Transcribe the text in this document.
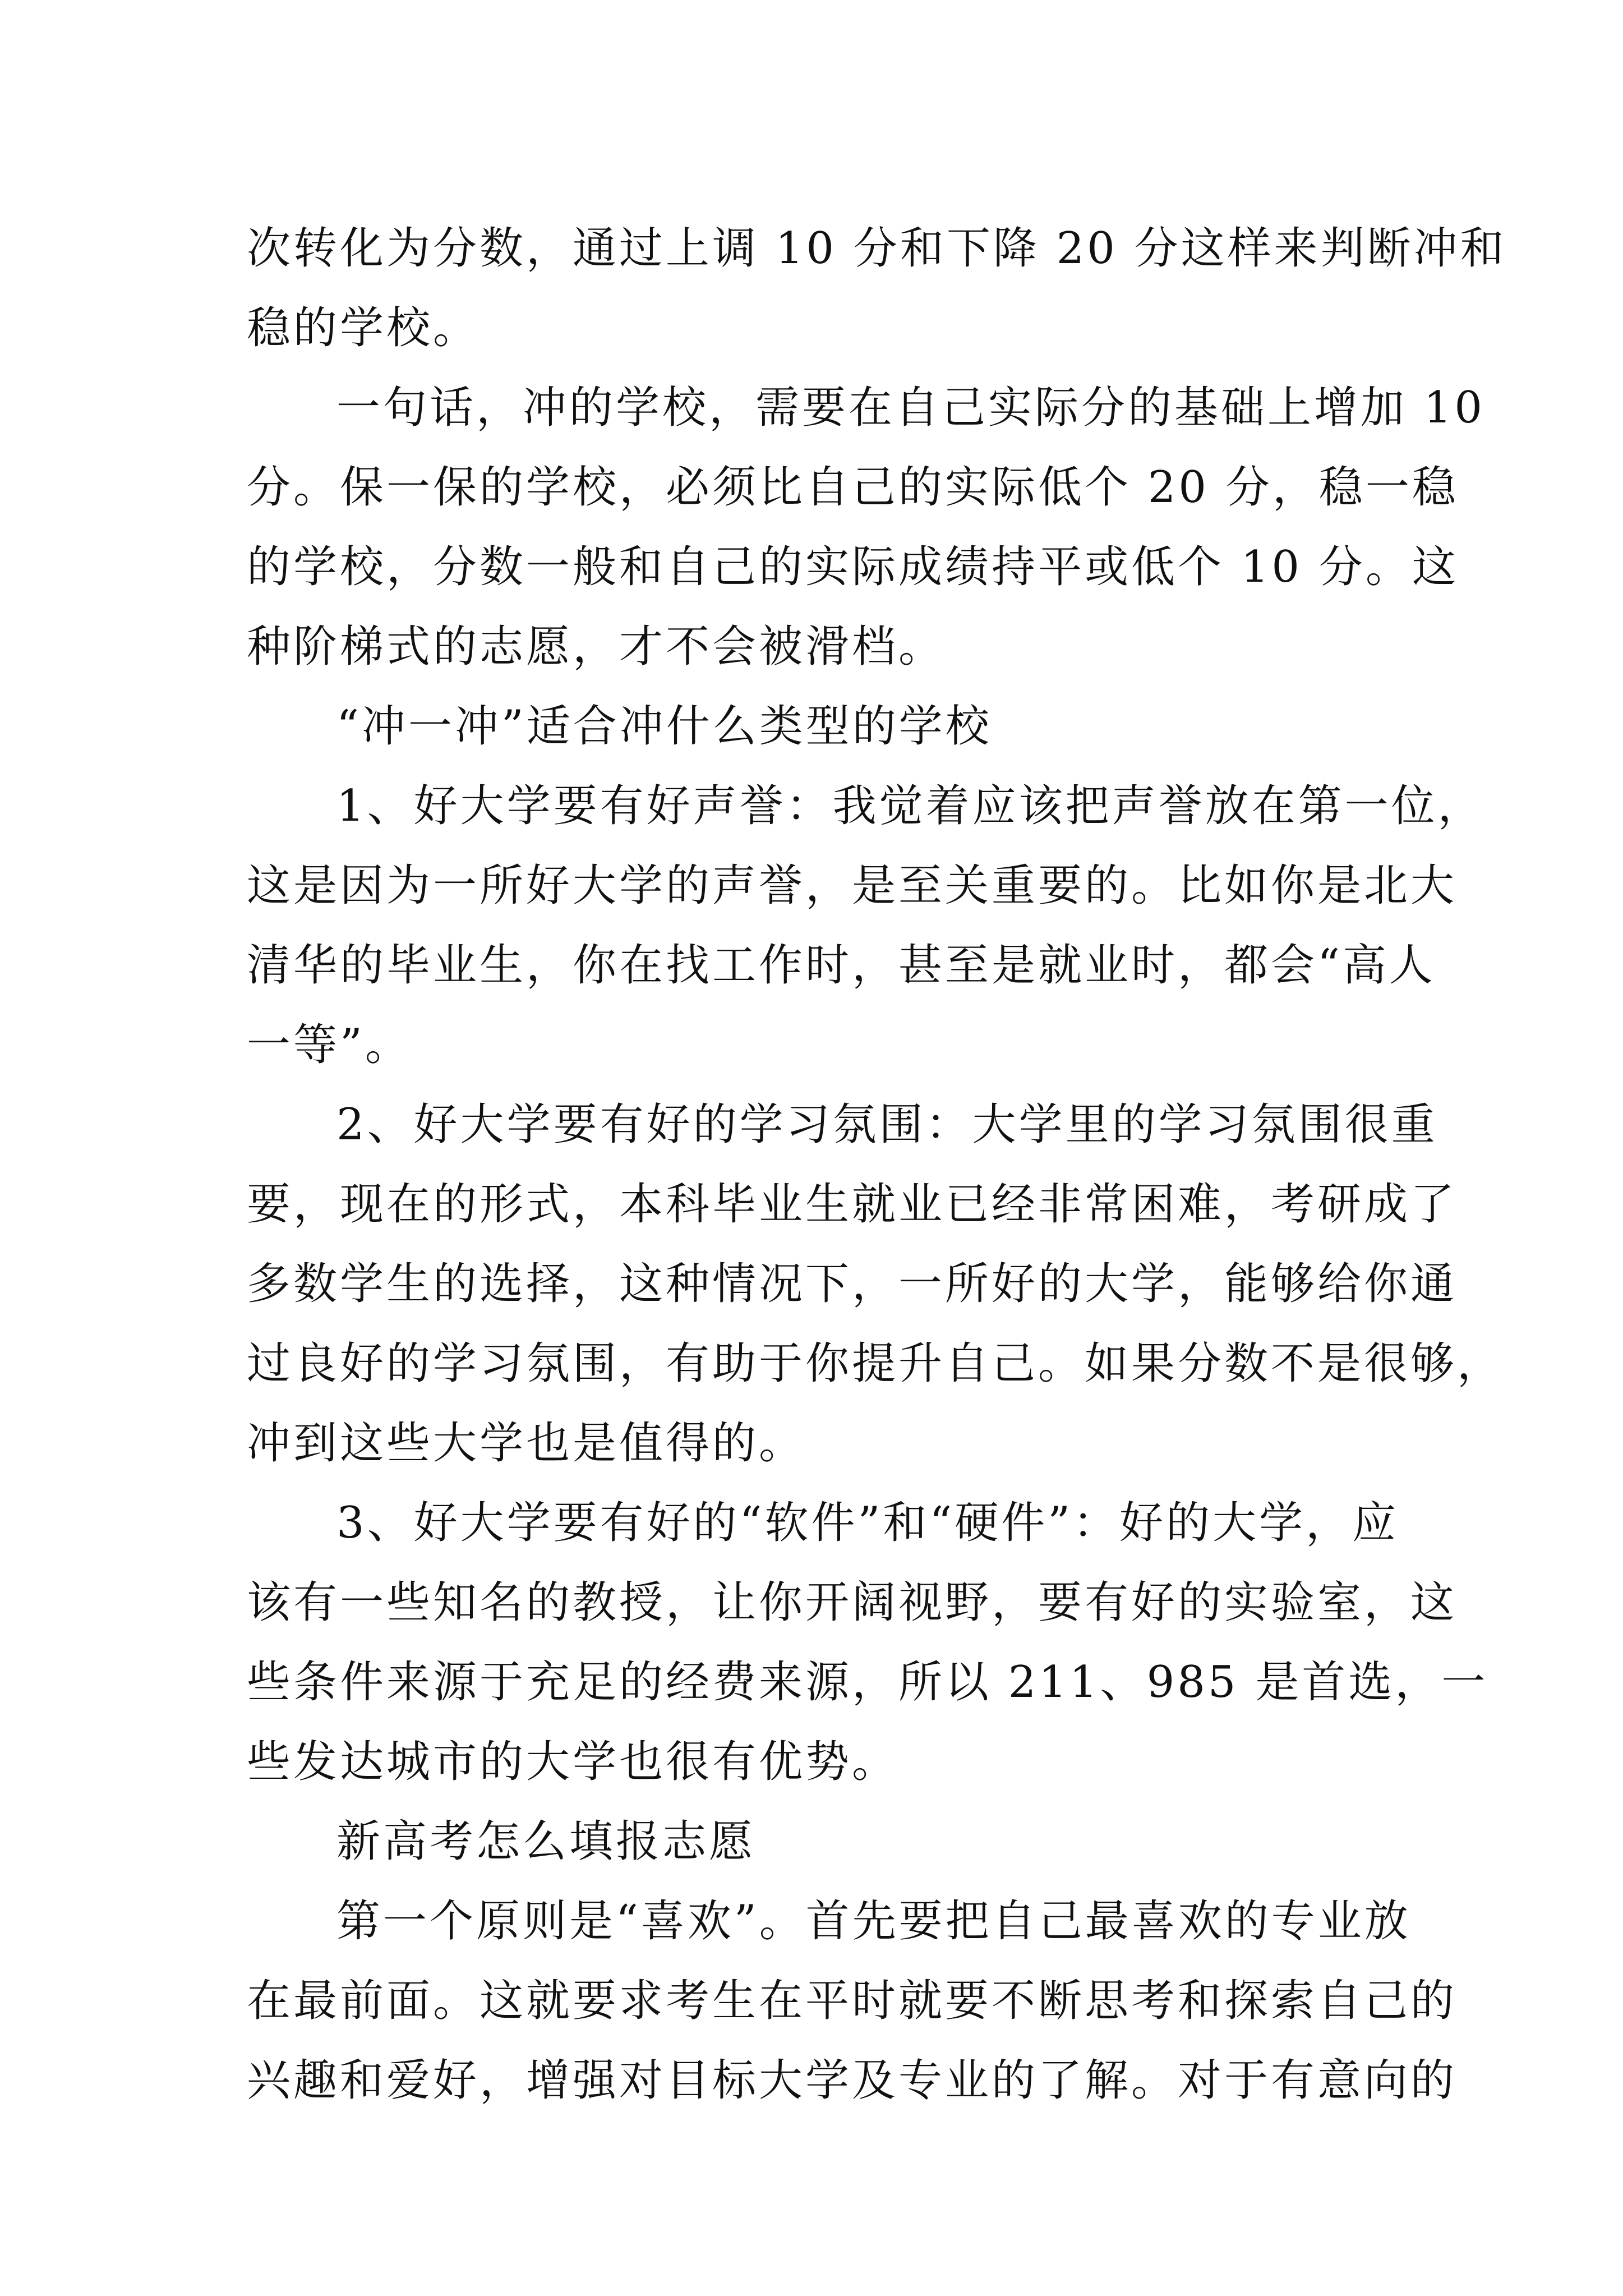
次转化为分数，通过上调 10 分和下降 20 分这样来判断冲和
稳的学校。
一句话，冲的学校，需要在自己实际分的基础上增加 10
分。保一保的学校，必须比自己的实际低个 20 分，稳一稳
的学校，分数一般和自己的实际成绩持平或低个 10 分。这
种阶梯式的志愿，才不会被滑档。
“冲一冲”适合冲什么类型的学校
1、好大学要有好声誉：我觉着应该把声誉放在第一位，
这是因为一所好大学的声誉，是至关重要的。比如你是北大
清华的毕业生，你在找工作时，甚至是就业时，都会“高人
一等”。
2、好大学要有好的学习氛围：大学里的学习氛围很重
要，现在的形式，本科毕业生就业已经非常困难，考研成了
多数学生的选择，这种情况下，一所好的大学，能够给你通
过良好的学习氛围，有助于你提升自己。如果分数不是很够，
冲到这些大学也是值得的。
3、好大学要有好的“软件”和“硬件”：好的大学，应
该有一些知名的教授，让你开阔视野，要有好的实验室，这
些条件来源于充足的经费来源，所以 211、985 是首选，一
些发达城市的大学也很有优势。
新高考怎么填报志愿
第一个原则是“喜欢”。首先要把自己最喜欢的专业放
在最前面。这就要求考生在平时就要不断思考和探索自己的
兴趣和爱好，增强对目标大学及专业的了解。对于有意向的
